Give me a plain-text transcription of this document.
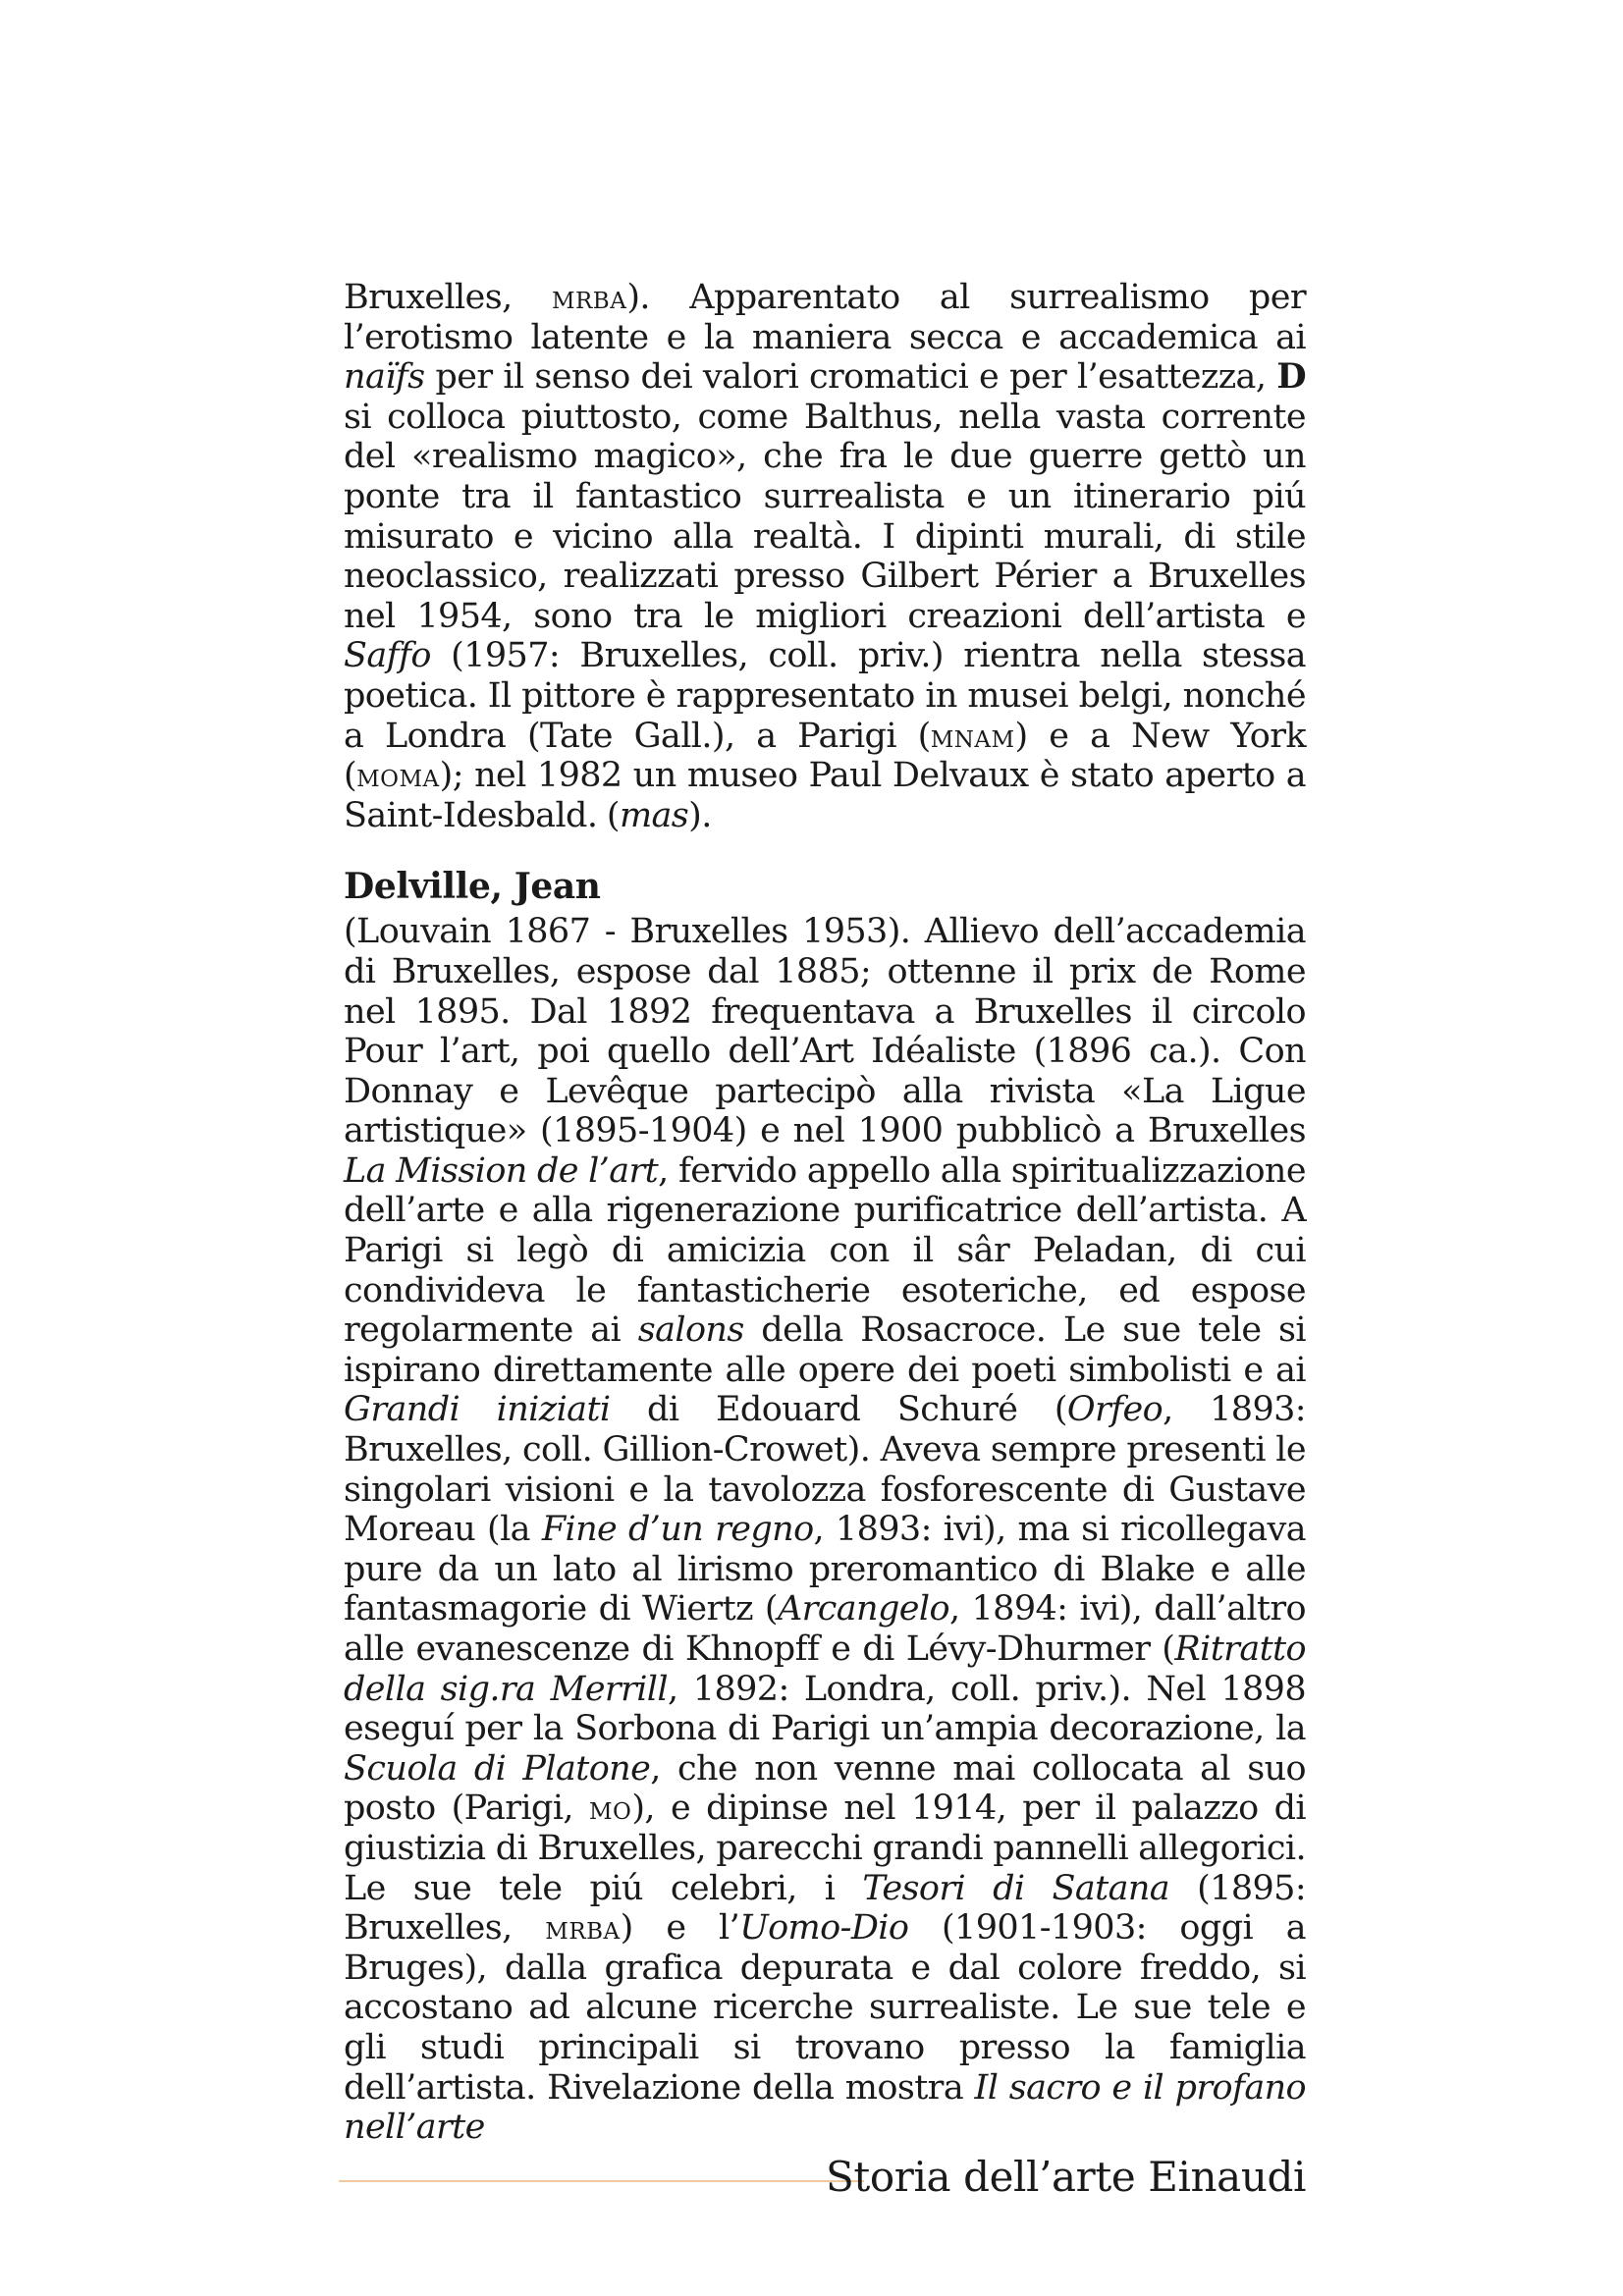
Bruxelles, mrba). Apparentato al surrealismo per l’erotismo latente e la maniera secca e accademica ai naïfs per il senso dei valori cromatici e per l’esattezza, D si colloca piuttosto, come Balthus, nella vasta corrente del «realismo magico», che fra le due guerre gettò un ponte tra il fantastico surrealista e un itinerario piú misurato e vicino alla realtà. I dipinti murali, di stile neoclassico, realizzati presso Gilbert Périer a Bruxelles nel 1954, sono tra le migliori creazioni dell’artista e Saffo (1957: Bruxelles, coll. priv.) rientra nella stessa poetica. Il pittore è rappresentato in musei belgi, nonché a Londra (Tate Gall.), a Parigi (mnam) e a New York (moma); nel 1982 un museo Paul Delvaux è stato aperto a Saint-Idesbald. (mas).

Delville, Jean

(Louvain 1867 - Bruxelles 1953). Allievo dell’accademia di Bruxelles, espose dal 1885; ottenne il prix de Rome nel 1895. Dal 1892 frequentava a Bruxelles il circolo Pour l’art, poi quello dell’Art Idéaliste (1896 ca.). Con Donnay e Levêque partecipò alla rivista «La Ligue artistique» (1895-1904) e nel 1900 pubblicò a Bruxelles La Mission de l’art, fervido appello alla spiritualizzazione dell’arte e alla rigenerazione purificatrice dell’artista. A Parigi si legò di amicizia con il sâr Peladan, di cui condivideva le fantasticherie esoteriche, ed espose regolarmente ai salons della Rosacroce. Le sue tele si ispirano direttamente alle opere dei poeti simbolisti e ai Grandi iniziati di Edouard Schuré (Orfeo, 1893: Bruxelles, coll. Gillion-Crowet). Aveva sempre presenti le singolari visioni e la tavolozza fosforescente di Gustave Moreau (la Fine d’un regno, 1893: ivi), ma si ricollegava pure da un lato al lirismo preromantico di Blake e alle fantasmagorie di Wiertz (Arcangelo, 1894: ivi), dall’altro alle evanescenze di Khnopff e di Lévy-Dhurmer (Ritratto della sig.ra Merrill, 1892: Londra, coll. priv.). Nel 1898 eseguí per la Sorbona di Parigi un’ampia decorazione, la Scuola di Platone, che non venne mai collocata al suo posto (Parigi, mo), e dipinse nel 1914, per il palazzo di giustizia di Bruxelles, parecchi grandi pannelli allegorici. Le sue tele piú celebri, i Tesori di Satana (1895: Bruxelles, mrba) e l’Uomo-Dio (1901-1903: oggi a Bruges), dalla grafica depurata e dal colore freddo, si accostano ad alcune ricerche surrealiste. Le sue tele e gli studi principali si trovano presso la famiglia dell’artista. Rivelazione della mostra Il sacro e il profano nell’arte

Storia dell’arte Einaudi
